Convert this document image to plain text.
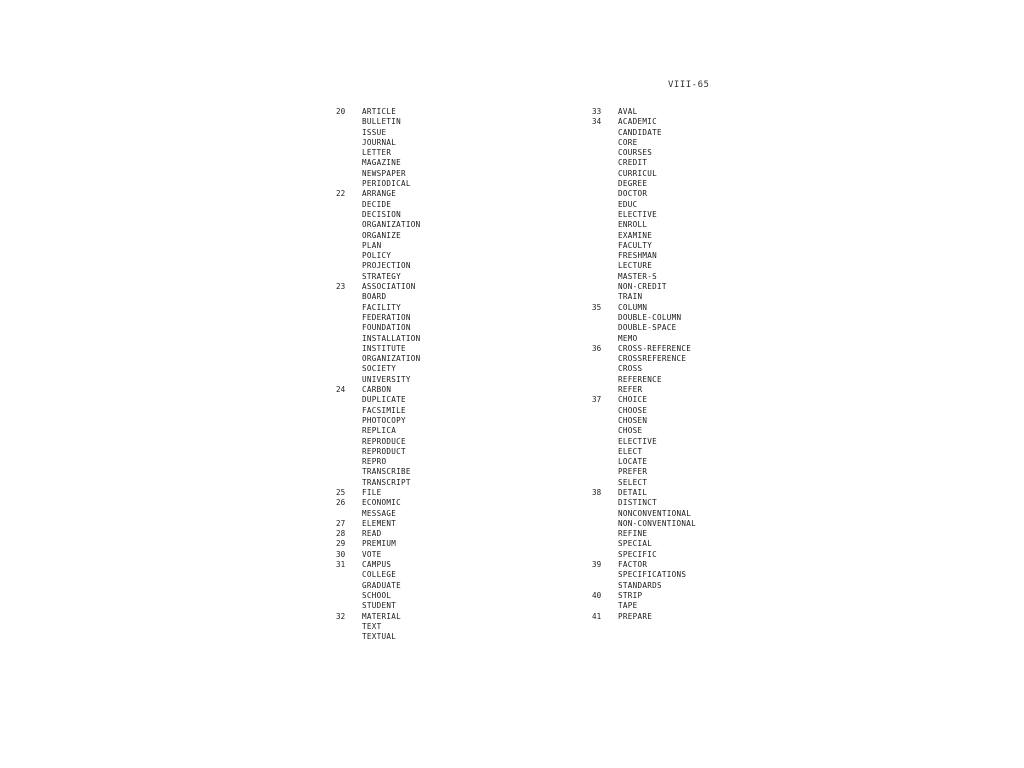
VIII-65
20	ARTICLE
BULLETIN
ISSUE
JOURNAL
LETTER
MAGAZINE
NEWSPAPER
PERIODICAL
22	ARRANGE
DECIDE
DECISION
ORGANIZATION
ORGANIZE
PLAN
POLICY
PROJECTION
STRATEGY
23	ASSOCIATION
BOARD
FACILITY
FEDERATION
FOUNDATION
INSTALLATION
INSTITUTE
ORGANIZATION
SOCIETY
UNIVERSITY
24	CARBON
DUPLICATE
FACSIMILE
PHOTOCOPY
REPLICA
REPRODUCE
REPRODUCT
REPRO
TRANSCRIBE
TRANSCRIPT
25	FILE
26	ECONOMIC
MESSAGE
27	ELEMENT
28	READ
29	PREMIUM
30	VOTE
31	CAMPUS
COLLEGE
GRADUATE
SCHOOL
STUDENT
32	MATERIAL
TEXT
TEXTUAL
33	AVAL
34	ACADEMIC
CANDIDATE
CORE
COURSES
CREDIT
CURRICUL
DEGREE
DOCTOR
EDUC
ELECTIVE
ENROLL
EXAMINE
FACULTY
FRESHMAN
LECTURE
MASTER-S
NON-CREDIT
TRAIN
35	COLUMN
DOUBLE-COLUMN
DOUBLE-SPACE
MEMO
36	CROSS-REFERENCE
CROSSREFERENCE
CROSS
REFERENCE
REFER
37	CHOICE
CHOOSE
CHOSEN
CHOSE
ELECTIVE
ELECT
LOCATE
PREFER
SELECT
38	DETAIL
DISTINCT
NONCONVENTIONAL
NON-CONVENTIONAL
REFINE
SPECIAL
SPECIFIC
39	FACTOR
SPECIFICATIONS
STANDARDS
40	STRIP
TAPE
41	PREPARE
